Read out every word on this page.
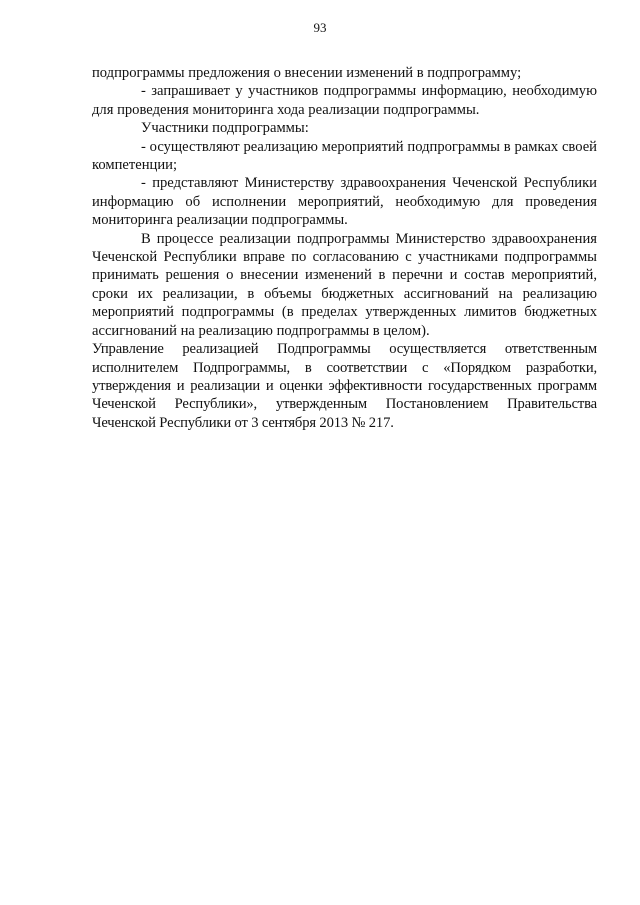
93

подпрограммы предложения о внесении изменений в подпрограмму;

- запрашивает у участников подпрограммы информацию, необходимую для проведения мониторинга хода реализации подпрограммы.

Участники подпрограммы:

- осуществляют реализацию мероприятий подпрограммы в рамках своей компетенции;

- представляют Министерству здравоохранения Чеченской Республики информацию об исполнении мероприятий, необходимую для проведения мониторинга реализации подпрограммы.

В процессе реализации подпрограммы Министерство здравоохранения Чеченской Республики вправе по согласованию с участниками подпрограммы принимать решения о внесении изменений в перечни и состав мероприятий, сроки их реализации, в объемы бюджетных ассигнований на реализацию мероприятий подпрограммы (в пределах утвержденных лимитов бюджетных ассигнований на реализацию подпрограммы в целом).

Управление реализацией Подпрограммы осуществляется ответственным исполнителем Подпрограммы, в соответствии с «Порядком разработки, утверждения и реализации и оценки эффективности государственных программ Чеченской Республики», утвержденным Постановлением Правительства Чеченской Республики от 3 сентября 2013 № 217.
